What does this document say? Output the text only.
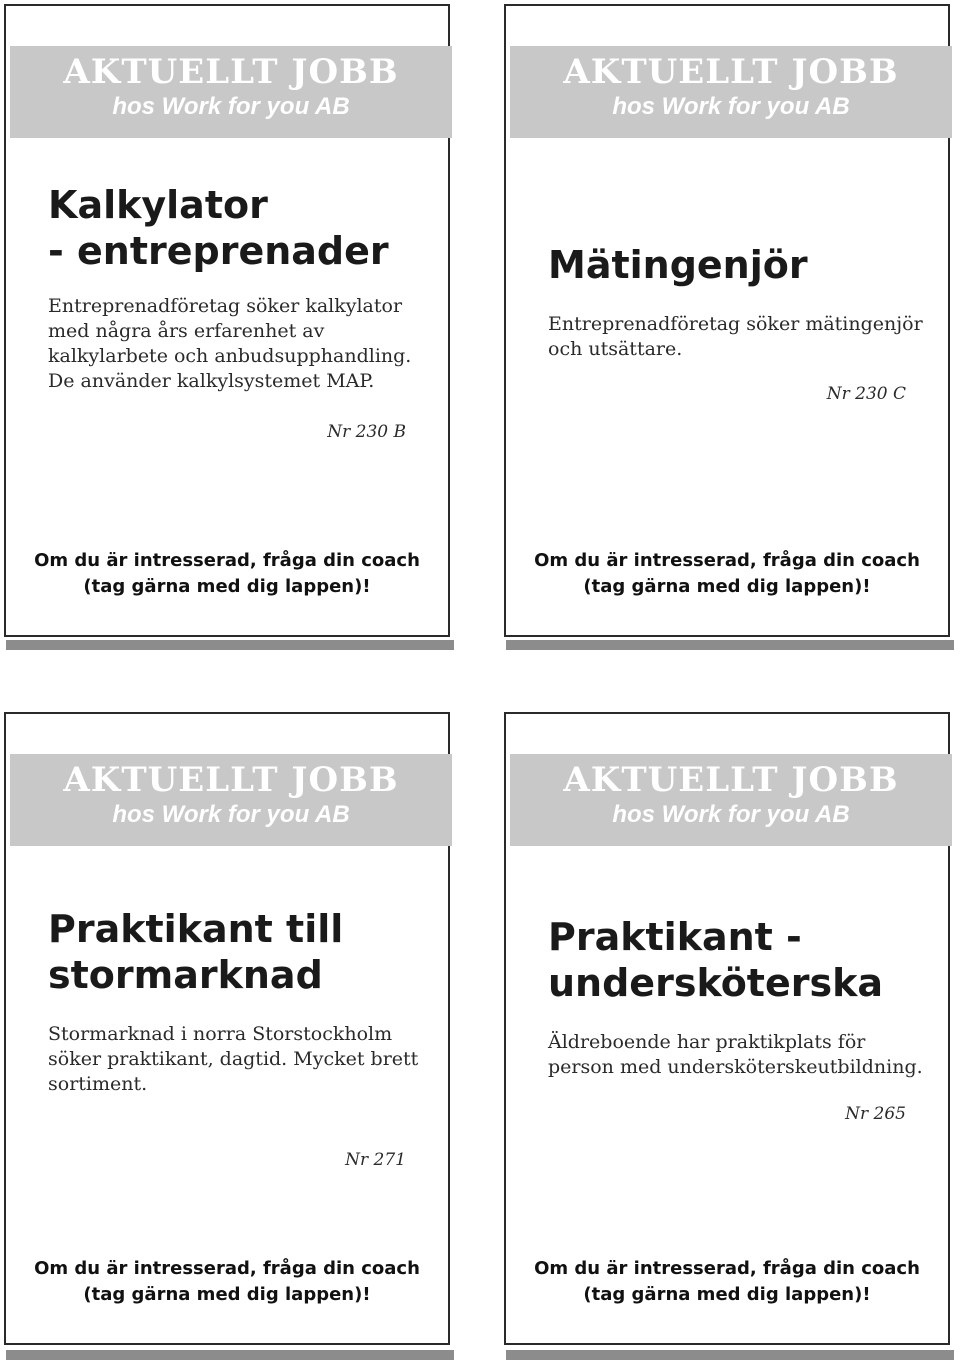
AKTUELLT JOBB
hos Work for you AB
Kalkylator
- entreprenader

Entreprenadföretag söker kalkylator med några års erfarenhet av kalkylarbete och anbudsupphandling. De använder kalkylsystemet MAP.

Nr 230 B

Om du är intresserad, fråga din coach
(tag gärna med dig lappen)!

AKTUELLT JOBB
hos Work for you AB
Mätingenjör

Entreprenadföretag söker mätingenjör och utsättare.

Nr 230 C

Om du är intresserad, fråga din coach
(tag gärna med dig lappen)!

AKTUELLT JOBB
hos Work for you AB
Praktikant till
stormarknad

Stormarknad i norra Storstockholm söker praktikant, dagtid. Mycket brett sortiment.

Nr 271

Om du är intresserad, fråga din coach
(tag gärna med dig lappen)!

AKTUELLT JOBB
hos Work for you AB
Praktikant -
undersköterska

Äldreboende har praktikplats för person med undersköterskeutbildning.

Nr 265

Om du är intresserad, fråga din coach
(tag gärna med dig lappen)!
